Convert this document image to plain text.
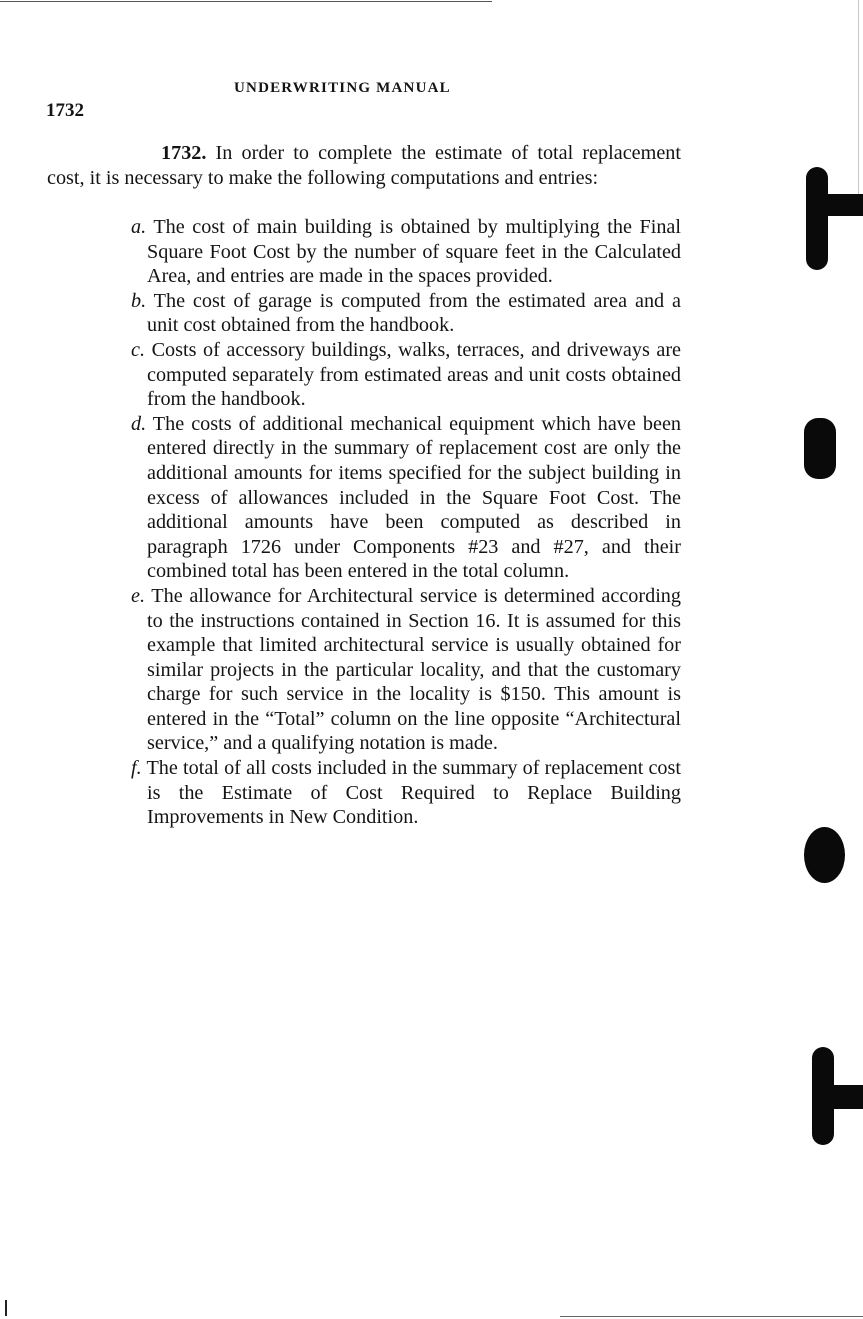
UNDERWRITING MANUAL
1732

1732. In order to complete the estimate of total replacement cost, it is necessary to make the following computations and entries:

a. The cost of main building is obtained by multiplying the Final Square Foot Cost by the number of square feet in the Calculated Area, and entries are made in the spaces provided.
b. The cost of garage is computed from the estimated area and a unit cost obtained from the handbook.
c. Costs of accessory buildings, walks, terraces, and driveways are computed separately from estimated areas and unit costs obtained from the handbook.
d. The costs of additional mechanical equipment which have been entered directly in the summary of replacement cost are only the additional amounts for items specified for the subject building in excess of allowances included in the Square Foot Cost. The additional amounts have been computed as described in paragraph 1726 under Components #23 and #27, and their combined total has been entered in the total column.
e. The allowance for Architectural service is determined according to the instructions contained in Section 16. It is assumed for this example that limited architectural service is usually obtained for similar projects in the particular locality, and that the customary charge for such service in the locality is $150. This amount is entered in the “Total” column on the line opposite “Architectural service,” and a qualifying notation is made.
f. The total of all costs included in the summary of replacement cost is the Estimate of Cost Required to Replace Building Improvements in New Condition.
